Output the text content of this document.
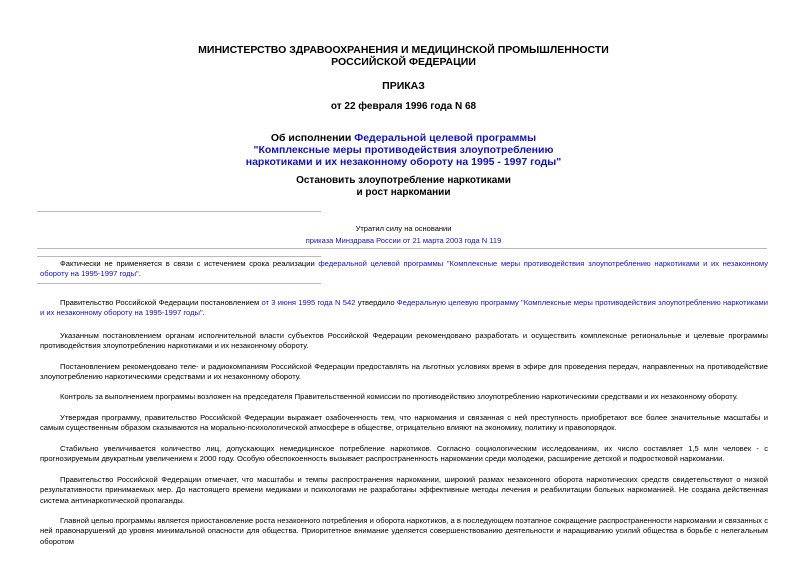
МИНИСТЕРСТВО ЗДРАВООХРАНЕНИЯ И МЕДИЦИНСКОЙ ПРОМЫШЛЕННОСТИ
РОССИЙСКОЙ ФЕДЕРАЦИИ
ПРИКАЗ
от 22 февраля 1996 года N 68
Об исполнении Федеральной целевой программы
"Комплексные меры противодействия злоупотреблению
наркотиками и их незаконному обороту на 1995 - 1997 годы"
Остановить злоупотребление наркотиками
и рост наркомании
Утратил силу на основании
приказа Минздрава России от 21 марта 2003 года N 119

Фактически не применяется в связи с истечением срока реализации федеральной целевой программы "Комплексные меры противодействия злоупотреблению наркотиками и их незаконному обороту на 1995-1997 годы".

Правительство Российской Федерации постановлением от 3 июня 1995 года N 542 утвердило Федеральную целевую программу "Комплексные меры противодействия злоупотреблению наркотиками и их незаконному обороту на 1995-1997 годы".

Указанным постановлением органам исполнительной власти субъектов Российской Федерации рекомендовано разработать и осуществить комплексные региональные и целевые программы противодействия злоупотреблению наркотиками и их незаконному обороту.

Постановлением рекомендовано теле- и радиокомпаниям Российской Федерации предоставлять на льготных условиях время в эфире для проведения передач, направленных на противодействие злоупотреблению наркотическими средствами и их незаконному обороту.

Контроль за выполнением программы возложен на председателя Правительственной комиссии по противодействию злоупотреблению наркотическими средствами и их незаконному обороту.

Утверждая программу, правительство Российской Федерации выражает озабоченность тем, что наркомания и связанная с ней преступность приобретают все более значительные масштабы и самым существенным образом сказываются на морально-психологической атмосфере в обществе, отрицательно влияют на экономику, политику и правопорядок.

Стабильно увеличивается количество лиц, допускающих немедицинское потребление наркотиков. Согласно социологическим исследованиям, их число составляет 1,5 млн человек - с прогнозируемым двукратным увеличением к 2000 году. Особую обеспокоенность вызывает распространенность наркомании среди молодежи, расширение детской и подростковой наркомании.

Правительство Российской Федерации отмечает, что масштабы и темпы распространения наркомании, широкий размах незаконного оборота наркотических средств свидетельствуют о низкой результативности принимаемых мер. До настоящего времени медиками и психологами не разработаны эффективные методы лечения и реабилитации больных наркоманией. Не создана действенная система антинаркотической пропаганды.

Главной целью программы является приостановление роста незаконного потребления и оборота наркотиков, а в последующем поэтапное сокращение распространенности наркомании и связанных с ней правонарушений до уровня минимальной опасности для общества. Приоритетное внимание уделяется совершенствованию деятельности и наращиванию усилий общества в борьбе с нелегальным оборотом
